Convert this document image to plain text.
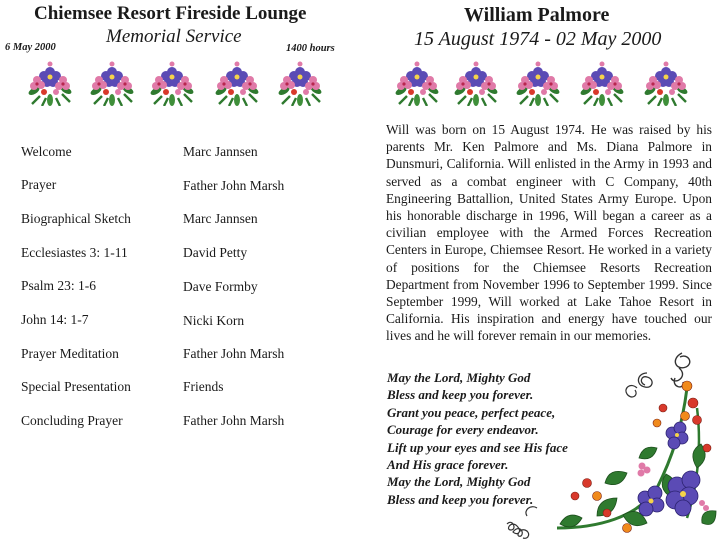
Chiemsee Resort Fireside Lounge
Memorial Service
6 May 2000	1400 hours
Welcome	Marc Jannsen
Prayer	Father John Marsh
Biographical Sketch	Marc Jannsen
Ecclesiastes 3: 1-11	David Petty
Psalm 23: 1-6	Dave Formby
John 14: 1-7	Nicki Korn
Prayer Meditation	Father John Marsh
Special Presentation	Friends
Concluding Prayer	Father John Marsh
William Palmore
15 August 1974 - 02 May 2000
Will was born on 15 August 1974. He was raised by his parents Mr. Ken Palmore and Ms. Diana Palmore in Dunsmuri, California. Will enlisted in the Army in 1993 and served as a combat engineer with C Company, 40th Engineering Battallion, United States Army Europe. Upon his honorable discharge in 1996, Will began a career as a civilian employee with the Armed Forces Recreation Centers in Europe, Chiemsee Resort. He worked in a variety of positions for the Chiemsee Resorts Recreation Department from November 1996 to September 1999. Since September 1999, Will worked at Lake Tahoe Resort in California. His inspiration and energy have touched our lives and he will forever remain in our memories.
May the Lord, Mighty God
Bless and keep you forever.
Grant you peace, perfect peace,
Courage for every endeavor.
Lift up your eyes and see His face
And His grace forever.
May the Lord, Mighty God
Bless and keep you forever.
